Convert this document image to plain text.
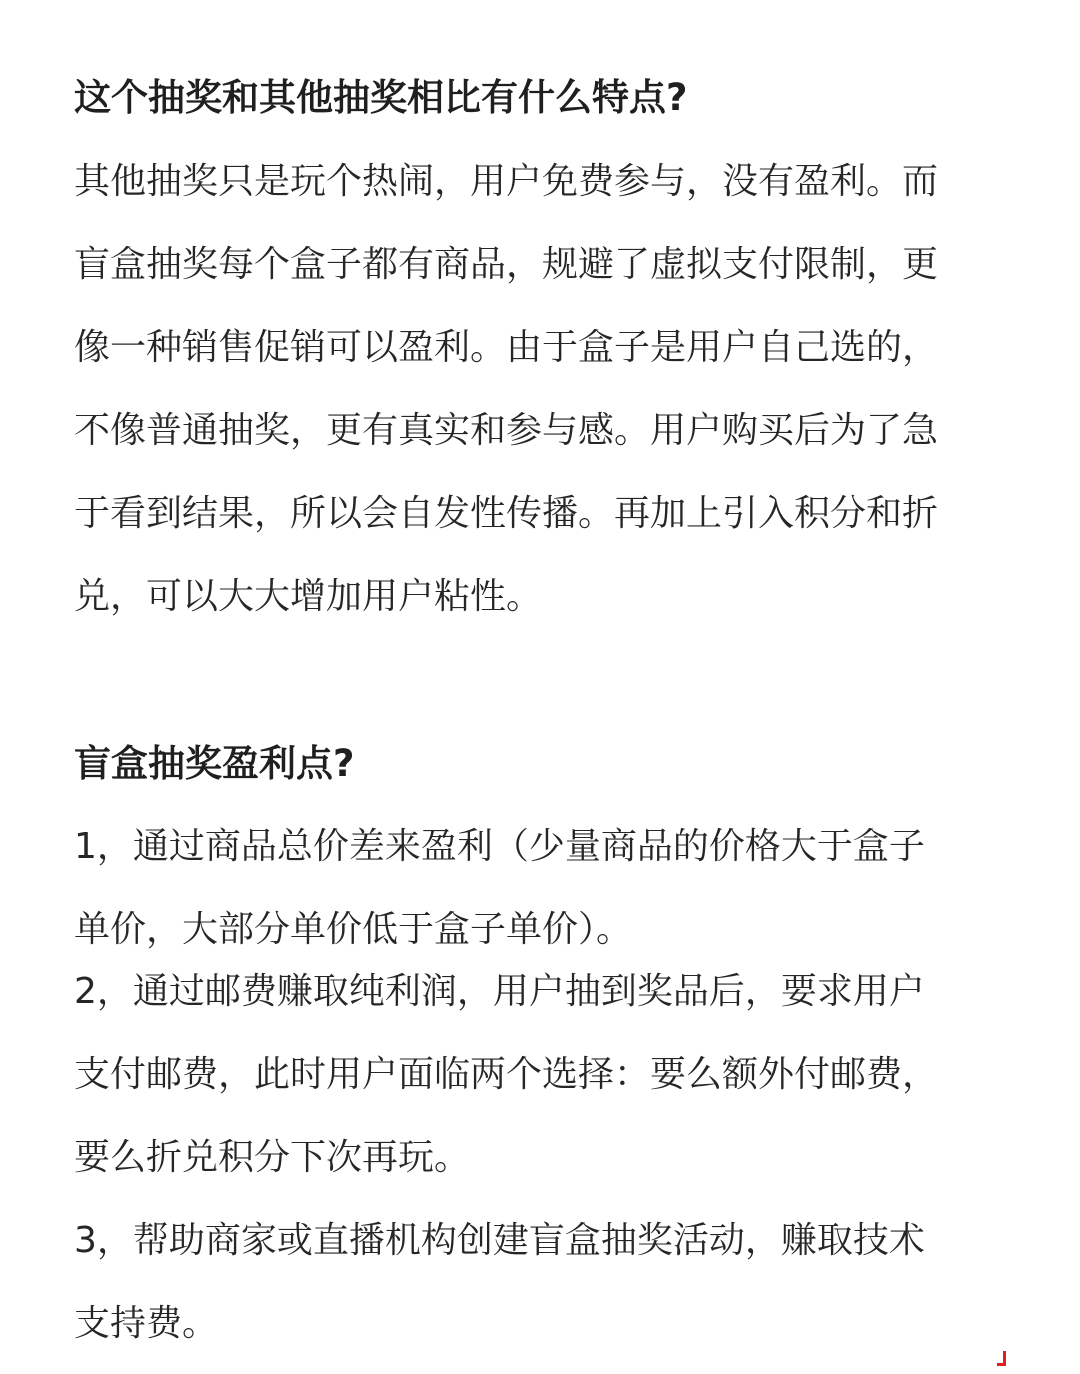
这个抽奖和其他抽奖相比有什么特点?

其他抽奖只是玩个热闹，用户免费参与，没有盈利。而

盲盒抽奖每个盒子都有商品，规避了虚拟支付限制，更

像一种销售促销可以盈利。由于盒子是用户自己选的，

不像普通抽奖，更有真实和参与感。用户购买后为了急

于看到结果，所以会自发性传播。再加上引入积分和折

兑，可以大大增加用户粘性。

盲盒抽奖盈利点?

1，通过商品总价差来盈利（少量商品的价格大于盒子

单价，大部分单价低于盒子单价）。

2，通过邮费赚取纯利润，用户抽到奖品后，要求用户

支付邮费，此时用户面临两个选择：要么额外付邮费，

要么折兑积分下次再玩。

3，帮助商家或直播机构创建盲盒抽奖活动，赚取技术

支持费。
